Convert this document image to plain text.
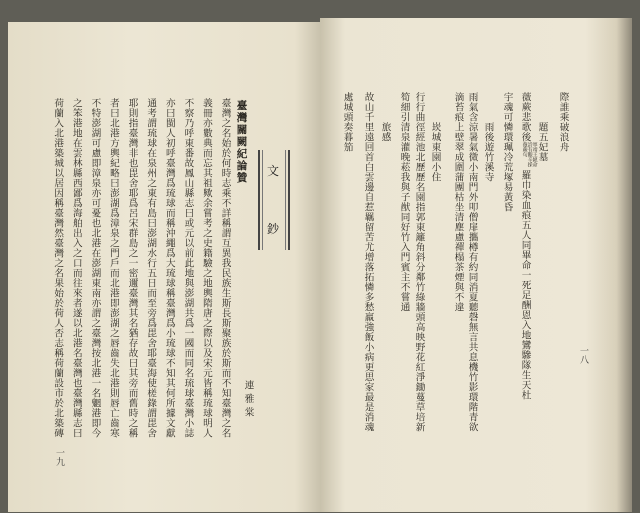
文
鈔
臺灣關闕紀論贊
連雅棠
一九
一八
臺灣之名始於何時志乘不詳稱謂互異我民族生斯長斯聚族於斯而不知臺灣之名
義冊亦數典而忘其祖歟余嘗考之史籍驗之地輿隋唐之際以及宋元皆稱琉球明人
不察乃呼東番故鳳山縣志曰或元以前此地與澎湖共爲一國而同名琉球臺灣小誌
亦曰閩人初呼臺灣爲琉球而稱沖繩爲大琉球稱臺灣爲小琉球不知其何所據文獻
通考謂琉球在泉州之東有島曰澎湖水行五日而至旁爲毘舍耶臺海使槎錄謂毘舍
耶則指臺灣非也毘舍耶爲呂宋群島之一密邇臺灣其名猶存故曰其旁而舊時之稱
者曰北港方輿紀略曰澎湖爲漳泉之門戶而北港即澎湖之唇齒失北港則唇亡齒寒
不特澎湖可慮即漳泉亦可憂也北港在澎湖東南亦謂之臺灣按北港一名魍港即今
之笨港地在雲林縣西鄙爲海舶出入之口而往來者遂以北港名臺灣也臺灣縣志曰
荷蘭入北港築城以居因稱臺灣然臺灣之名果始於荷人否志稱荷蘭設市於北築磚	際誰乘破浪舟
題五妃墓
薇蕨悲歌後寧靖王絕命詩有艱辛採薇蕨句羅巾染血痕五人同畢命一死足酬恩入地鸞驂隊生天杜
宇魂可憐環珮冷荒塚易黃昏
雨後遊竹溪寺
雨氣含涼暑氣微小南門外叩僧扉攜樽有約同消夏聽磬無言共息機竹影環階青欲
滴苔痕上壁翠成圍蒲團枯坐清塵慮禪榻茶煙與不違
崁城東園小住
行行曲徑經池北歷歷名園指郭東籬角斜分鄰竹綠牆頭高映野花紅淨鋤蔓草培新
筍細引清泉灌晚菘我與子猷同好竹入門賓主不嘗通
旅感
故山千里遠回首白雲邊自惹羈留苦尤增落拓憐多愁羸強飯小病更思家最是消魂
處城頭奏暮笳
